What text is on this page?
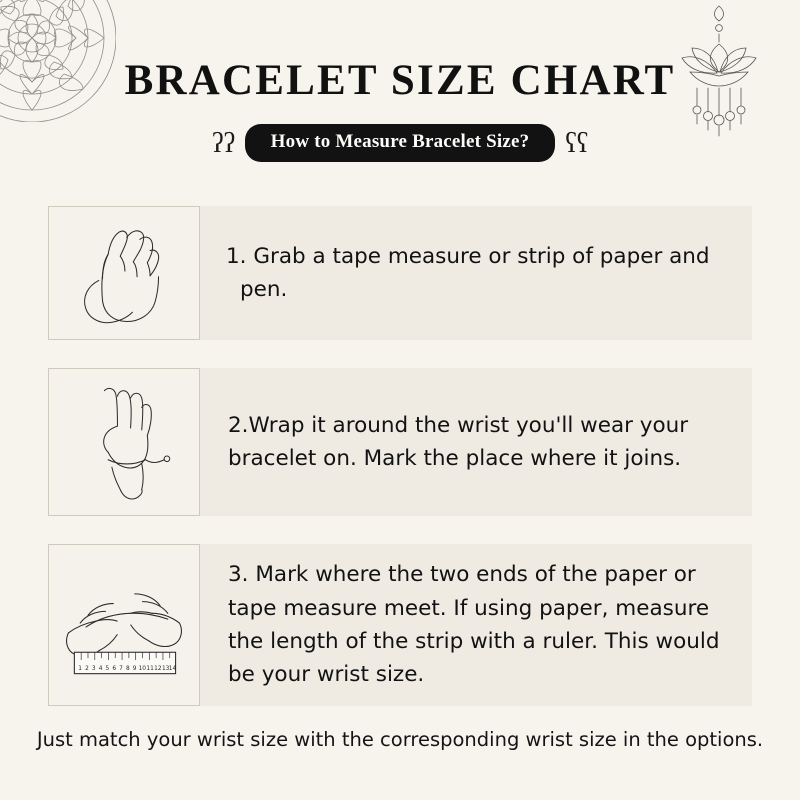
BRACELET SIZE CHART
ʕʕ	How to Measure Bracelet Size?	ʕʕ
1. Grab a tape measure or strip of paper and pen.
2.Wrap it around the wrist you'll wear your bracelet on. Mark the place where it joins.
1 2 3 4 5 6 7 8 9 10 11 12 13 14
3. Mark where the two ends of the paper or tape measure meet. If using paper, measure the length of the strip with a ruler. This would be your wrist size.
Just match your wrist size with the corresponding wrist size in the options.
